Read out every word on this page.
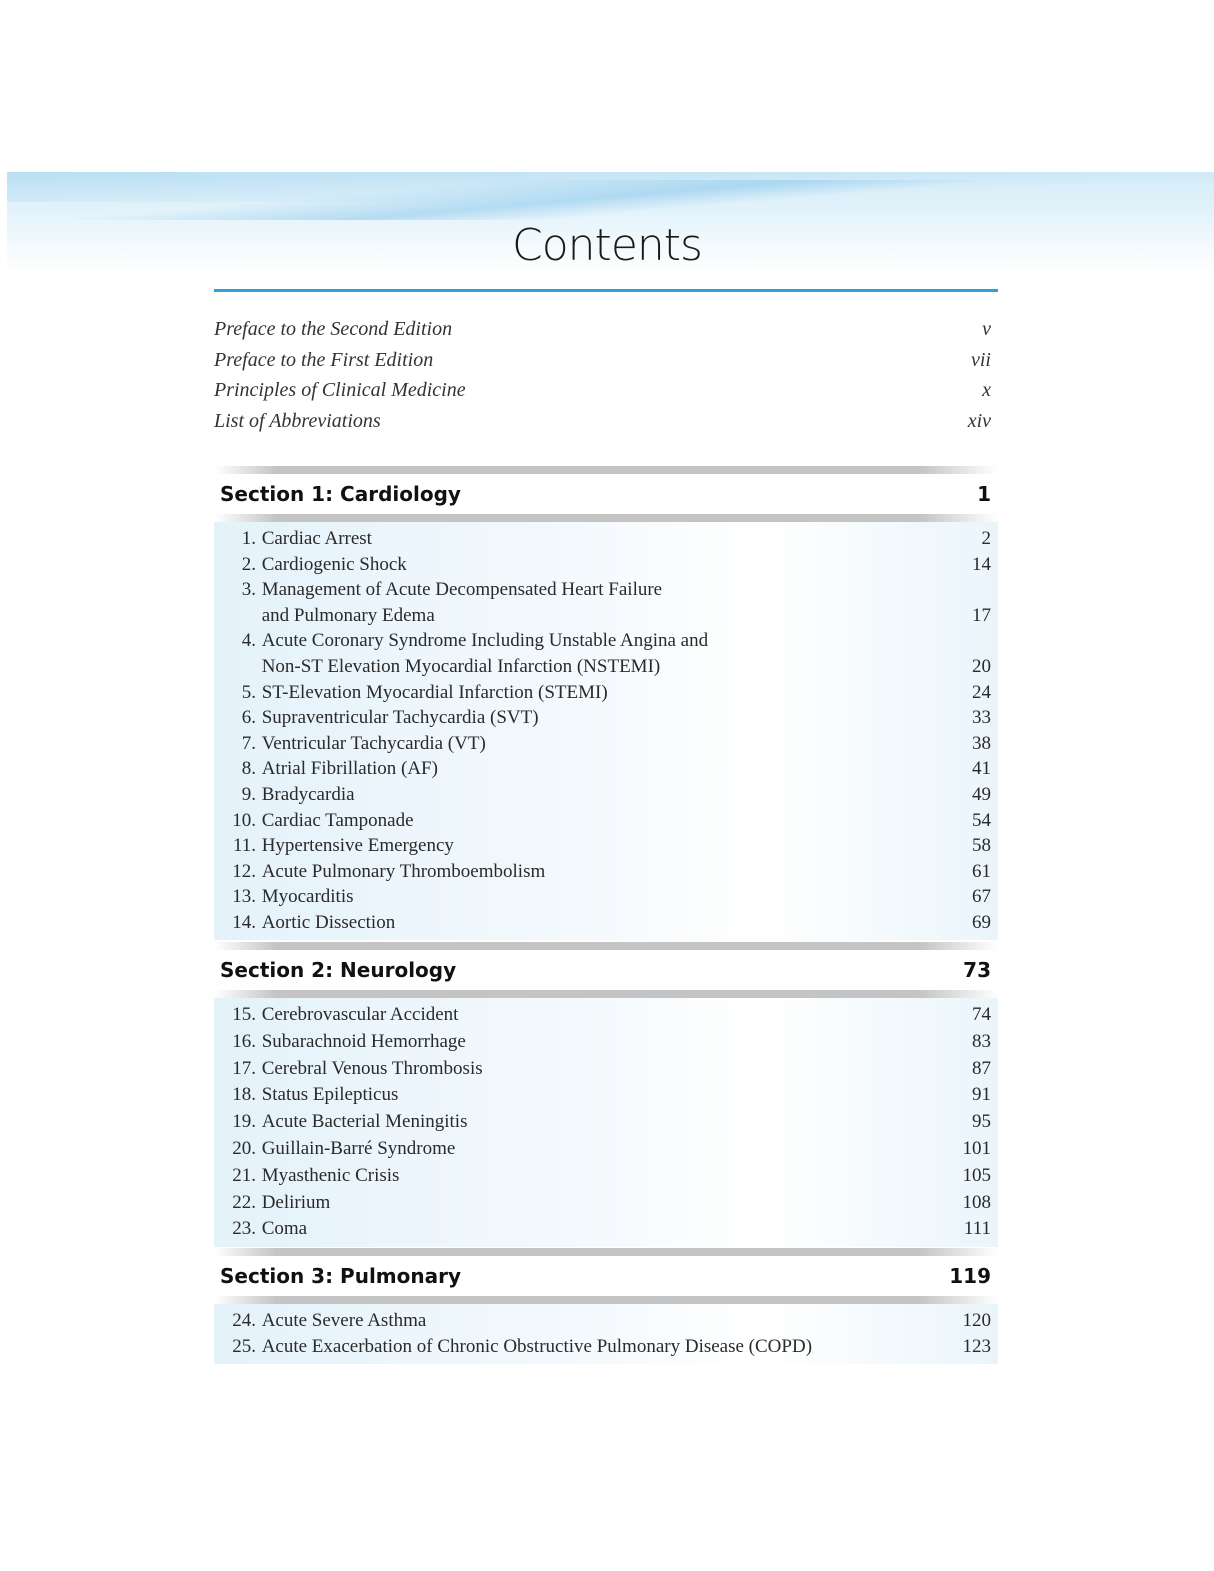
Contents
Preface to the Second Edition	v
Preface to the First Edition	vii
Principles of Clinical Medicine	x
List of Abbreviations	xiv
Section 1: Cardiology	1
1. Cardiac Arrest	2
2. Cardiogenic Shock	14
3. Management of Acute Decompensated Heart Failure
and Pulmonary Edema	17
4. Acute Coronary Syndrome Including Unstable Angina and
Non-ST Elevation Myocardial Infarction (NSTEMI)	20
5. ST-Elevation Myocardial Infarction (STEMI)	24
6. Supraventricular Tachycardia (SVT)	33
7. Ventricular Tachycardia (VT)	38
8. Atrial Fibrillation (AF)	41
9. Bradycardia	49
10. Cardiac Tamponade	54
11. Hypertensive Emergency	58
12. Acute Pulmonary Thromboembolism	61
13. Myocarditis	67
14. Aortic Dissection	69
Section 2: Neurology	73
15. Cerebrovascular Accident	74
16. Subarachnoid Hemorrhage	83
17. Cerebral Venous Thrombosis	87
18. Status Epilepticus	91
19. Acute Bacterial Meningitis	95
20. Guillain-Barré Syndrome	101
21. Myasthenic Crisis	105
22. Delirium	108
23. Coma	111
Section 3: Pulmonary	119
24. Acute Severe Asthma	120
25. Acute Exacerbation of Chronic Obstructive Pulmonary Disease (COPD)	123
